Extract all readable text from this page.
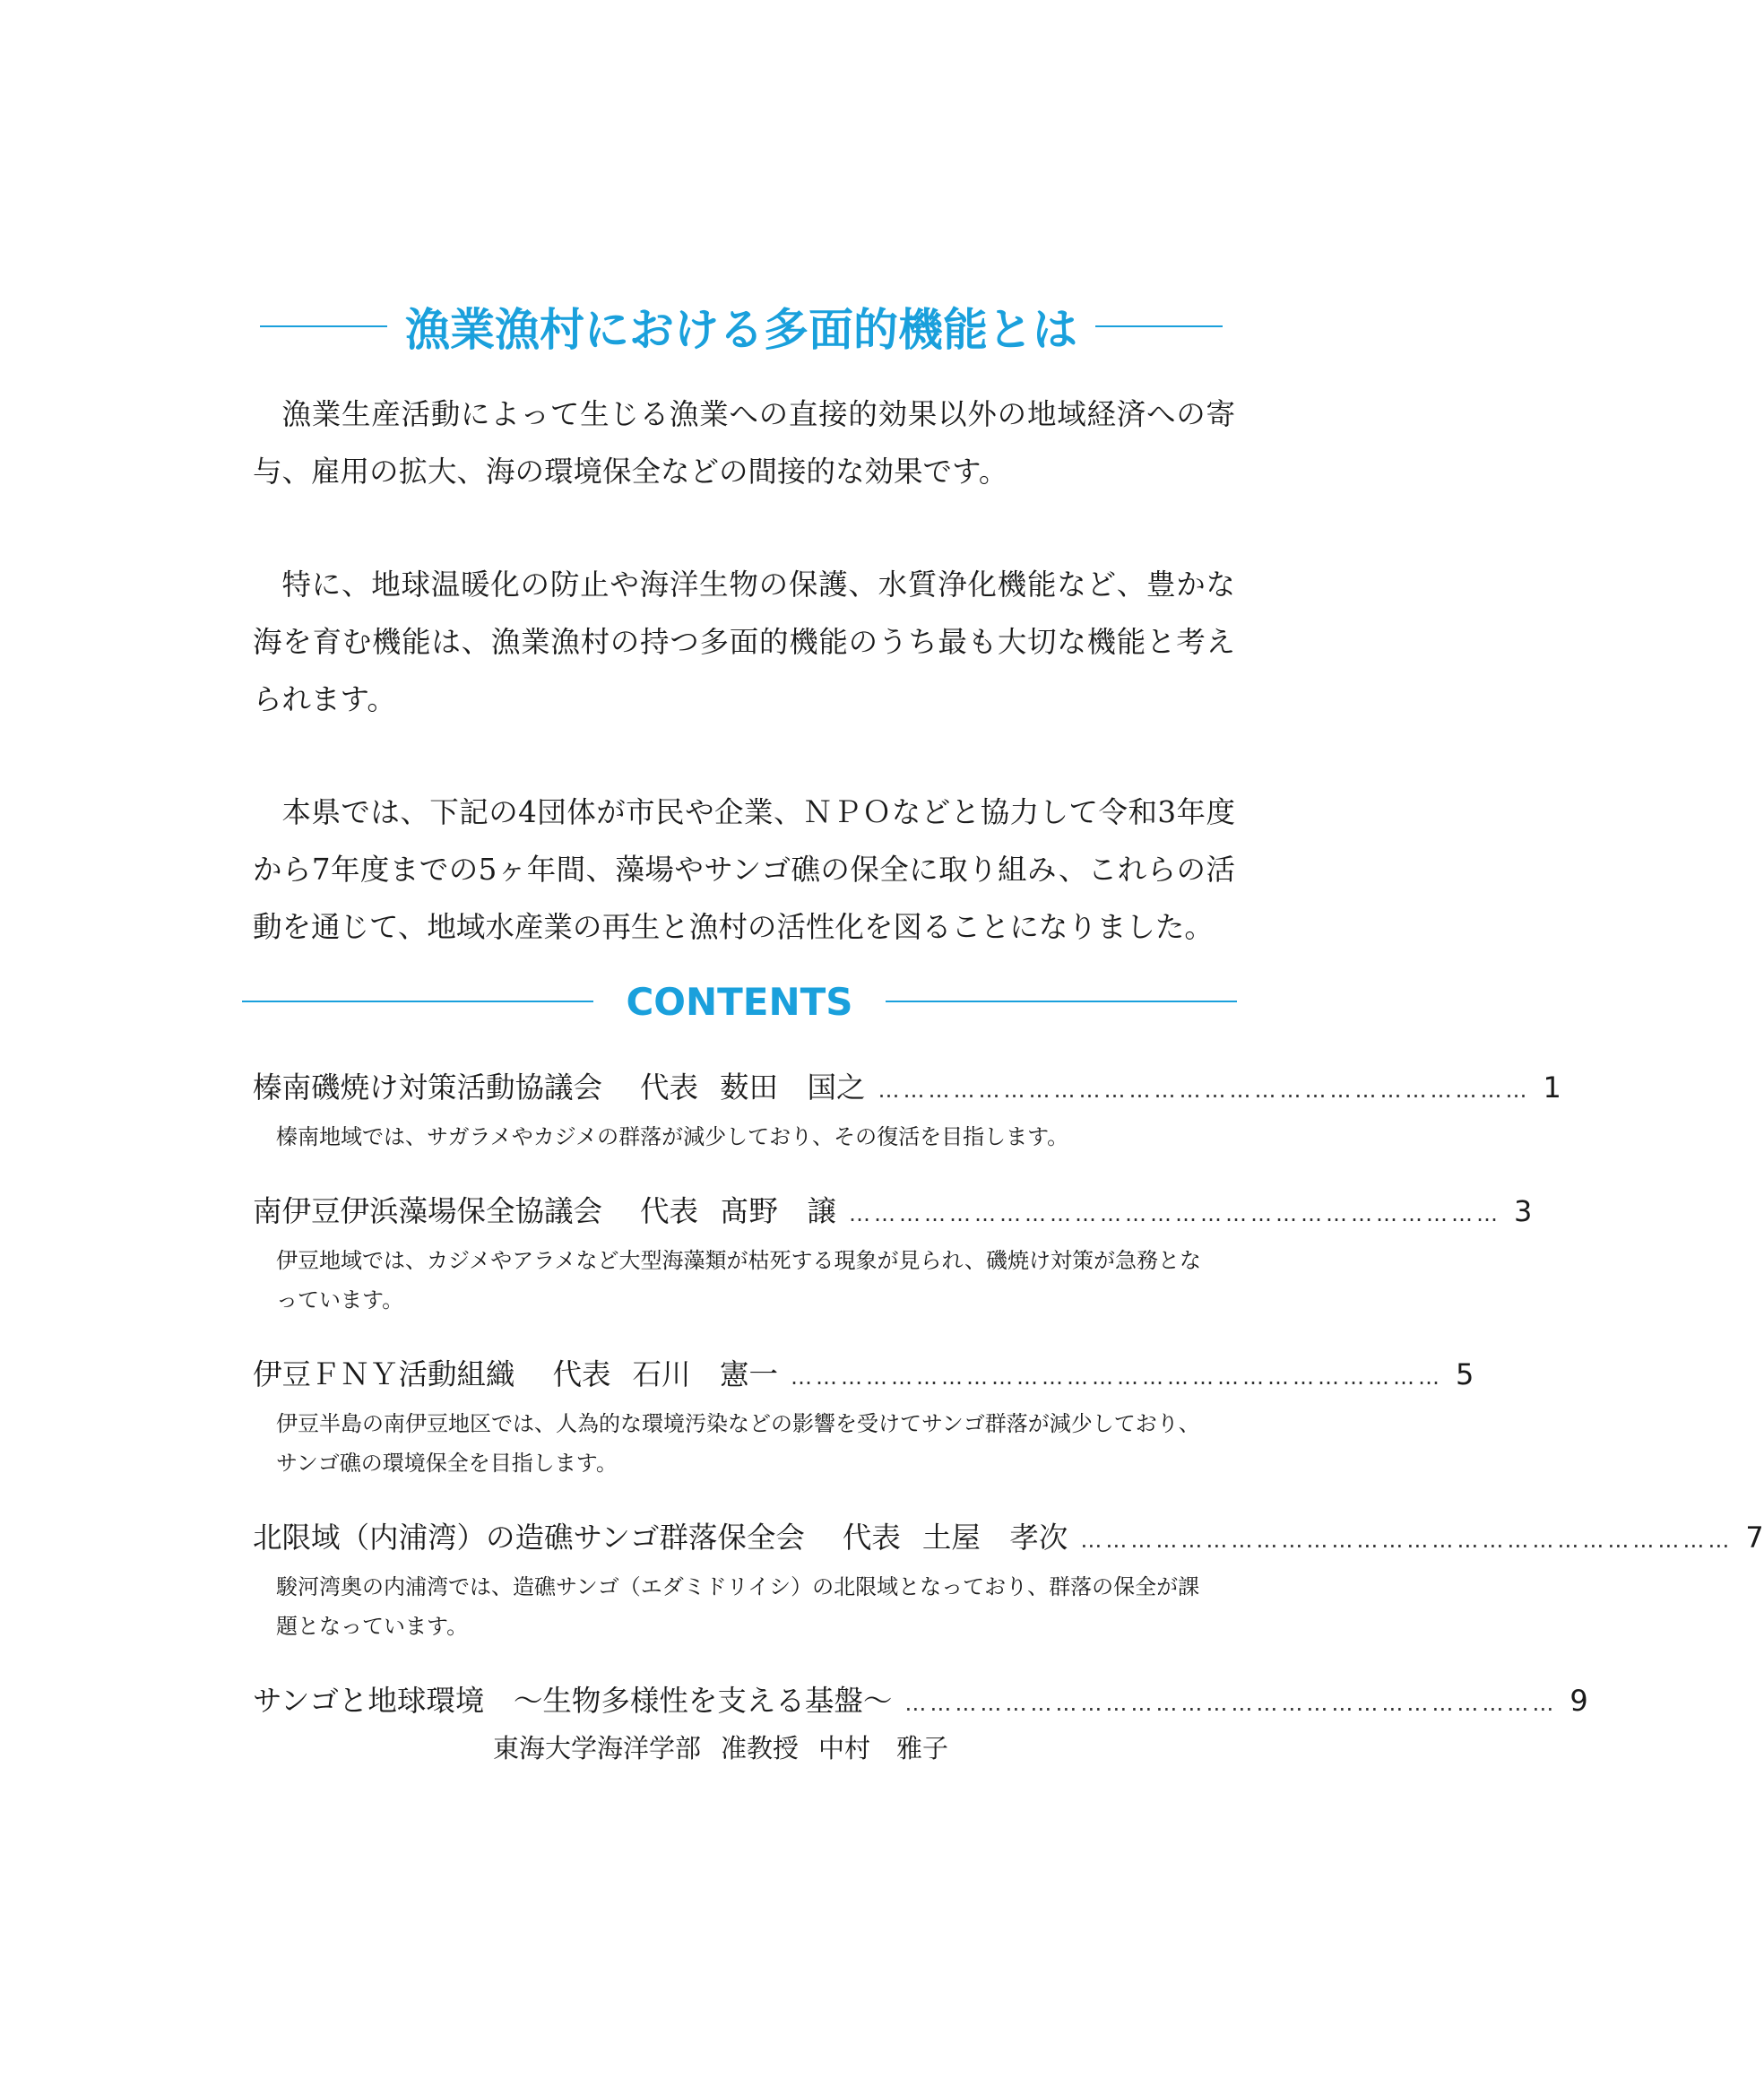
漁業漁村における多面的機能とは

漁業生産活動によって生じる漁業への直接的効果以外の地域経済への寄与、雇用の拡大、海の環境保全などの間接的な効果です。

特に、地球温暖化の防止や海洋生物の保護、水質浄化機能など、豊かな海を育む機能は、漁業漁村の持つ多面的機能のうち最も大切な機能と考えられます。

本県では、下記の4団体が市民や企業、ＮＰＯなどと協力して令和3年度から7年度までの5ヶ年間、藻場やサンゴ礁の保全に取り組み、これらの活動を通じて、地域水産業の再生と漁村の活性化を図ることになりました。

CONTENTS
榛南磯焼け対策活動協議会 代表 薮田　国之 …………………………………………………………………… 1
榛南地域では、サガラメやカジメの群落が減少しており、その復活を目指します。
南伊豆伊浜藻場保全協議会 代表 髙野　譲 …………………………………………………………………… 3
伊豆地域では、カジメやアラメなど大型海藻類が枯死する現象が見られ、磯焼け対策が急務となっています。
伊豆ＦＮＹ活動組織 代表 石川　憲一 …………………………………………………………………… 5
伊豆半島の南伊豆地区では、人為的な環境汚染などの影響を受けてサンゴ群落が減少しており、サンゴ礁の環境保全を目指します。
北限域（内浦湾）の造礁サンゴ群落保全会 代表 土屋　孝次 …………………………………………………………………… 7
駿河湾奥の内浦湾では、造礁サンゴ（エダミドリイシ）の北限域となっており、群落の保全が課題となっています。
サンゴと地球環境　～生物多様性を支える基盤～ …………………………………………………………………… 9
東海大学海洋学部 准教授 中村　雅子
